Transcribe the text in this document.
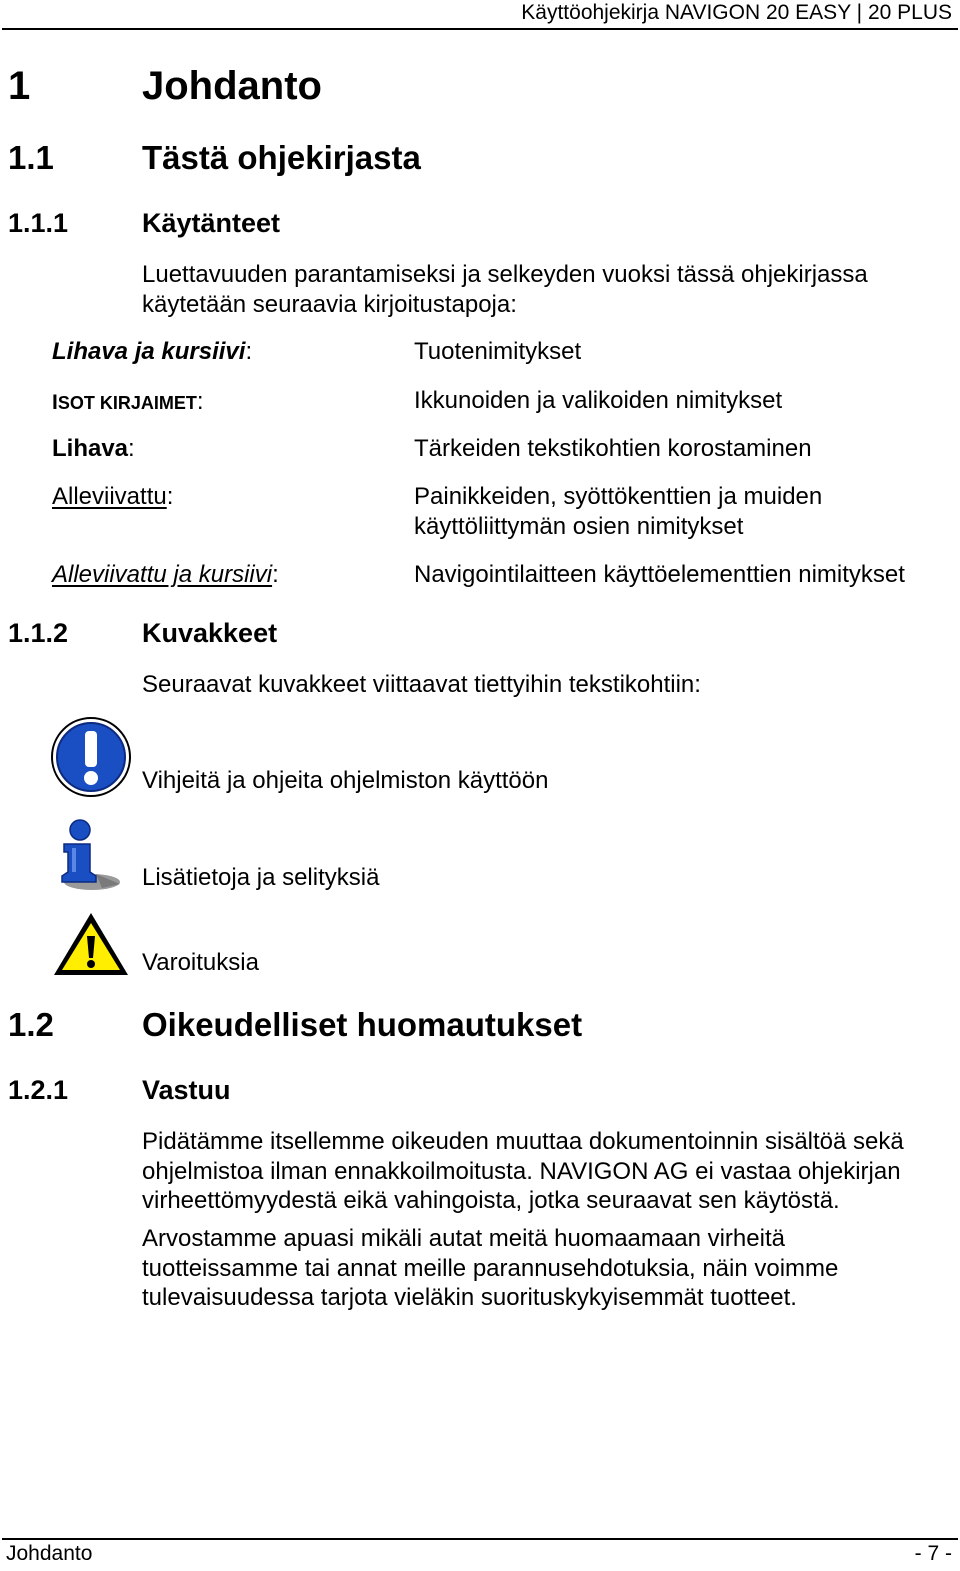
Käyttöohjekirja NAVIGON 20 EASY | 20 PLUS
1	Johdanto
1.1	Tästä ohjekirjasta
1.1.1	Käytänteet
Luettavuuden parantamiseksi ja selkeyden vuoksi tässä ohjekirjassa
käytetään seuraavia kirjoitustapoja:
Lihava ja kursiivi:	Tuotenimitykset
ISOT KIRJAIMET:	Ikkunoiden ja valikoiden nimitykset
Lihava:	Tärkeiden tekstikohtien korostaminen
Alleviivattu:	Painikkeiden, syöttökenttien ja muiden
käyttöliittymän osien nimitykset
Alleviivattu ja kursiivi:	Navigointilaitteen käyttöelementtien nimitykset
1.1.2	Kuvakkeet
Seuraavat kuvakkeet viittaavat tiettyihin tekstikohtiin:
Vihjeitä ja ohjeita ohjelmiston käyttöön
Lisätietoja ja selityksiä
Varoituksia
1.2	Oikeudelliset huomautukset
1.2.1	Vastuu
Pidätämme itsellemme oikeuden muuttaa dokumentoinnin sisältöä sekä
ohjelmistoa ilman ennakkoilmoitusta. NAVIGON AG ei vastaa ohjekirjan
virheettömyydestä eikä vahingoista, jotka seuraavat sen käytöstä.
Arvostamme apuasi mikäli autat meitä huomaamaan virheitä
tuotteissamme tai annat meille parannusehdotuksia, näin voimme
tulevaisuudessa tarjota vieläkin suorituskykyisemmät tuotteet.
Johdanto	- 7 -
